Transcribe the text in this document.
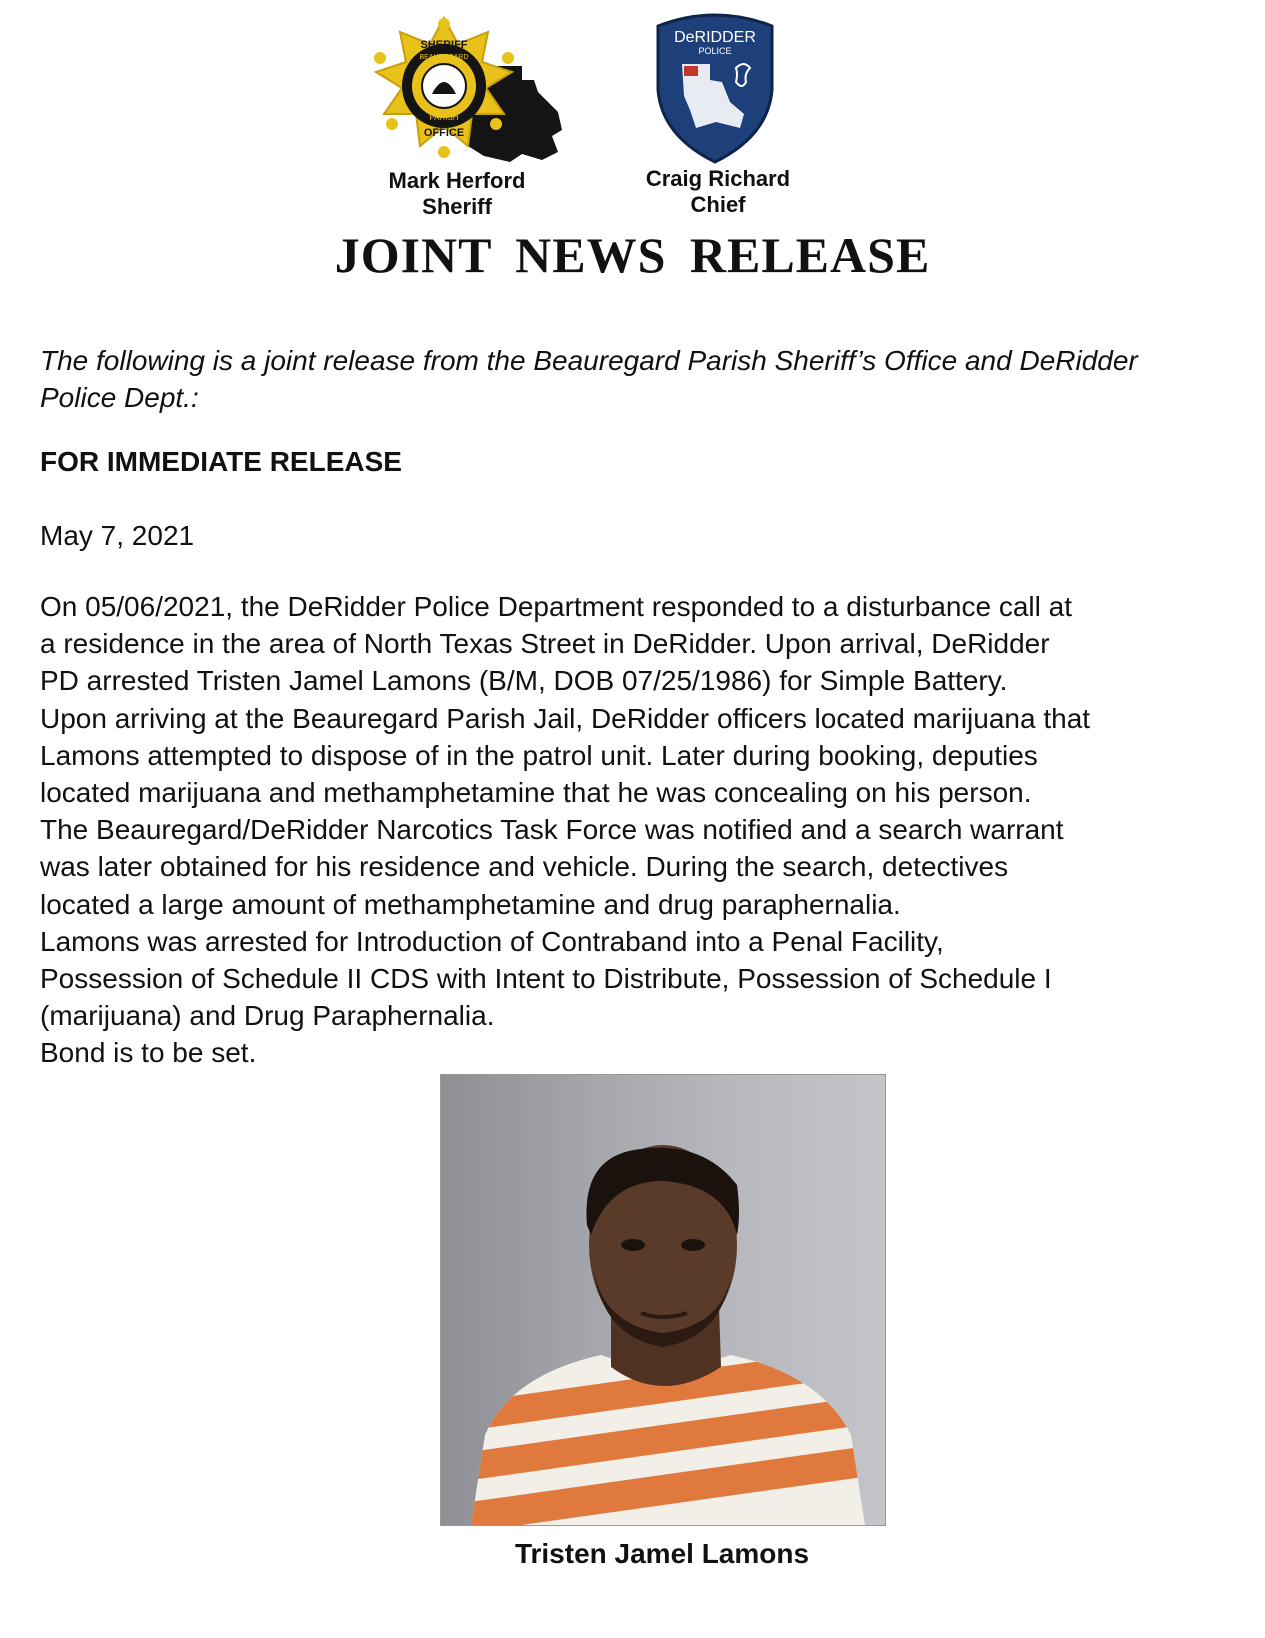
SHERIFF
BEAUREGARD
PARISH
OFFICE
DeRIDDER
POLICE
Mark Herford
Sheriff
Craig Richard
Chief
JOINT NEWS RELEASE
The following is a joint release from the Beauregard Parish Sheriff’s Office and DeRidder Police Dept.:
FOR IMMEDIATE RELEASE
May 7, 2021
On 05/06/2021, the DeRidder Police Department responded to a disturbance call at
a residence in the area of North Texas Street in DeRidder. Upon arrival, DeRidder
PD arrested Tristen Jamel Lamons (B/M, DOB 07/25/1986) for Simple Battery.
Upon arriving at the Beauregard Parish Jail, DeRidder officers located marijuana that
Lamons attempted to dispose of in the patrol unit. Later during booking, deputies
located marijuana and methamphetamine that he was concealing on his person.
The Beauregard/DeRidder Narcotics Task Force was notified and a search warrant
was later obtained for his residence and vehicle. During the search, detectives
located a large amount of methamphetamine and drug paraphernalia.
Lamons was arrested for Introduction of Contraband into a Penal Facility,
Possession of Schedule II CDS with Intent to Distribute, Possession of Schedule I
(marijuana) and Drug Paraphernalia.
Bond is to be set.
Tristen Jamel Lamons
